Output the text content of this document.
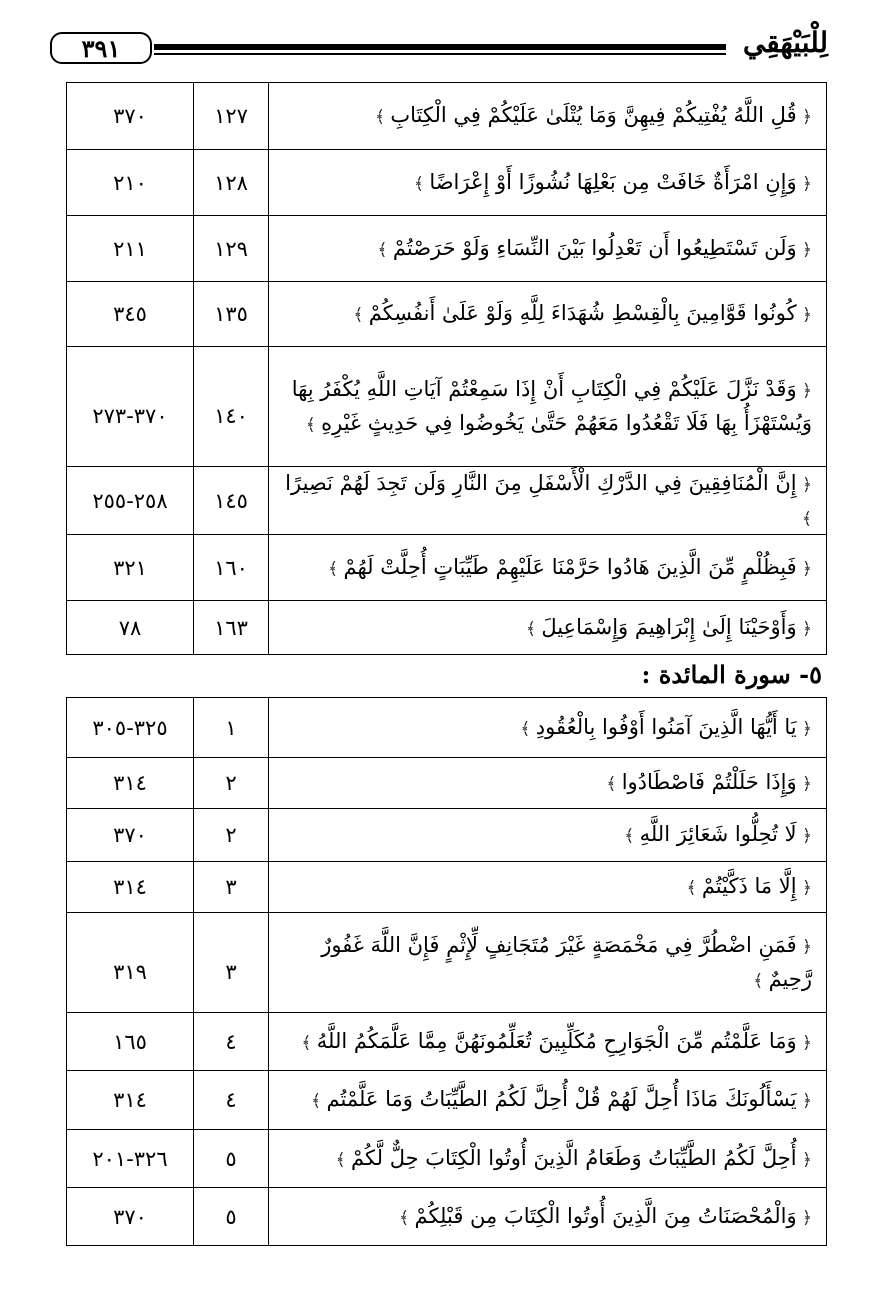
٣٩١	لِلْبَيْهَقِي
٣٧٠	١٢٧	﴿ قُلِ اللَّهُ يُفْتِيكُمْ فِيهِنَّ وَمَا يُتْلَىٰ عَلَيْكُمْ فِي الْكِتَابِ ﴾
٢١٠	١٢٨	﴿ وَإِنِ امْرَأَةٌ خَافَتْ مِن بَعْلِهَا نُشُوزًا أَوْ إِعْرَاضًا ﴾
٢١١	١٢٩	﴿ وَلَن تَسْتَطِيعُوا أَن تَعْدِلُوا بَيْنَ النِّسَاءِ وَلَوْ حَرَصْتُمْ ﴾
٣٤٥	١٣٥	﴿ كُونُوا قَوَّامِينَ بِالْقِسْطِ شُهَدَاءَ لِلَّهِ وَلَوْ عَلَىٰ أَنفُسِكُمْ ﴾
٣٧٠-٢٧٣	١٤٠	﴿ وَقَدْ نَزَّلَ عَلَيْكُمْ فِي الْكِتَابِ أَنْ إِذَا سَمِعْتُمْ آيَاتِ اللَّهِ يُكْفَرُ بِهَا وَيُسْتَهْزَأُ بِهَا فَلَا تَقْعُدُوا مَعَهُمْ حَتَّىٰ يَخُوضُوا فِي حَدِيثٍ غَيْرِهِ ﴾
٢٥٨-٢٥٥	١٤٥	﴿ إِنَّ الْمُنَافِقِينَ فِي الدَّرْكِ الْأَسْفَلِ مِنَ النَّارِ وَلَن تَجِدَ لَهُمْ نَصِيرًا ﴾
٣٢١	١٦٠	﴿ فَبِظُلْمٍ مِّنَ الَّذِينَ هَادُوا حَرَّمْنَا عَلَيْهِمْ طَيِّبَاتٍ أُحِلَّتْ لَهُمْ ﴾
٧٨	١٦٣	﴿ وَأَوْحَيْنَا إِلَىٰ إِبْرَاهِيمَ وَإِسْمَاعِيلَ ﴾
٥- سورة المائدة :
٣٢٥-٣٠٥	١	﴿ يَا أَيُّهَا الَّذِينَ آمَنُوا أَوْفُوا بِالْعُقُودِ ﴾
٣١٤	٢	﴿ وَإِذَا حَلَلْتُمْ فَاصْطَادُوا ﴾
٣٧٠	٢	﴿ لَا تُحِلُّوا شَعَائِرَ اللَّهِ ﴾
٣١٤	٣	﴿ إِلَّا مَا ذَكَّيْتُمْ ﴾
٣١٩	٣	﴿ فَمَنِ اضْطُرَّ فِي مَخْمَصَةٍ غَيْرَ مُتَجَانِفٍ لِّإِثْمٍ فَإِنَّ اللَّهَ غَفُورٌ رَّحِيمٌ ﴾
١٦٥	٤	﴿ وَمَا عَلَّمْتُم مِّنَ الْجَوَارِحِ مُكَلِّبِينَ تُعَلِّمُونَهُنَّ مِمَّا عَلَّمَكُمُ اللَّهُ ﴾
٣١٤	٤	﴿ يَسْأَلُونَكَ مَاذَا أُحِلَّ لَهُمْ قُلْ أُحِلَّ لَكُمُ الطَّيِّبَاتُ وَمَا عَلَّمْتُم ﴾
٣٢٦-٢٠١	٥	﴿ أُحِلَّ لَكُمُ الطَّيِّبَاتُ وَطَعَامُ الَّذِينَ أُوتُوا الْكِتَابَ حِلٌّ لَّكُمْ ﴾
٣٧٠	٥	﴿ وَالْمُحْصَنَاتُ مِنَ الَّذِينَ أُوتُوا الْكِتَابَ مِن قَبْلِكُمْ ﴾
